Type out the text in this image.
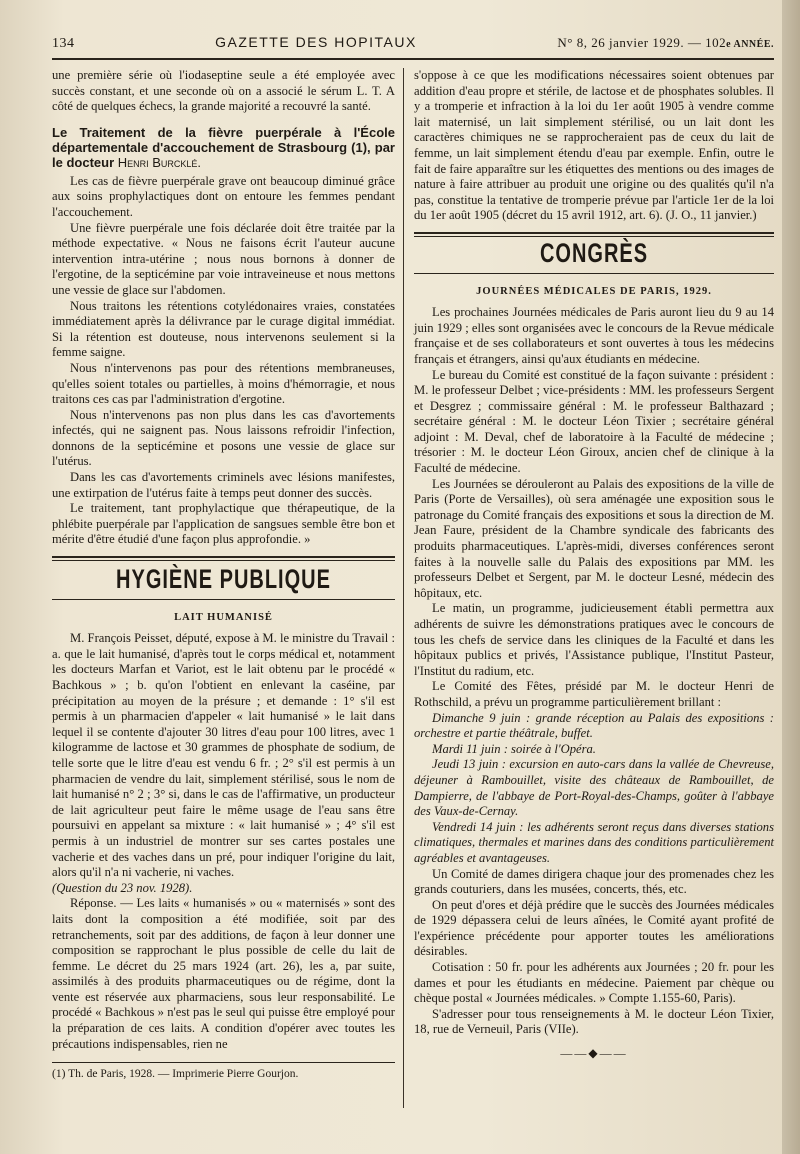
134	GAZETTE DES HOPITAUX	N° 8, 26 janvier 1929. — 102e ANNÉE.

une première série où l'iodaseptine seule a été employée avec succès constant, et une seconde où on a associé le sérum L. T. A côté de quelques échecs, la grande majorité a recouvré la santé.

Le Traitement de la fièvre puerpérale à l'École départementale d'accouchement de Strasbourg (1), par le docteur Henri Burcklé.

Les cas de fièvre puerpérale grave ont beaucoup diminué grâce aux soins prophylactiques dont on entoure les femmes pendant l'accouchement.

Une fièvre puerpérale une fois déclarée doit être traitée par la méthode expectative. « Nous ne faisons écrit l'auteur aucune intervention intra-utérine ; nous nous bornons à donner de l'ergotine, de la septicémine par voie intraveineuse et nous mettons une vessie de glace sur l'abdomen.

Nous traitons les rétentions cotylédonaires vraies, constatées immédiatement après la délivrance par le curage digital immédiat. Si la rétention est douteuse, nous intervenons seulement si la femme saigne.

Nous n'intervenons pas pour des rétentions membraneuses, qu'elles soient totales ou partielles, à moins d'hémorragie, et nous traitons ces cas par l'administration d'ergotine.

Nous n'intervenons pas non plus dans les cas d'avortements infectés, qui ne saignent pas. Nous laissons refroidir l'infection, donnons de la septicémine et posons une vessie de glace sur l'utérus.

Dans les cas d'avortements criminels avec lésions manifestes, une extirpation de l'utérus faite à temps peut donner des succès.

Le traitement, tant prophylactique que thérapeutique, de la phlébite puerpérale par l'application de sangsues semble être bon et mérite d'être étudié d'une façon plus approfondie. »

HYGIÈNE PUBLIQUE
LAIT HUMANISÉ

M. François Peisset, député, expose à M. le ministre du Travail : a. que le lait humanisé, d'après tout le corps médical et, notamment les docteurs Marfan et Variot, est le lait obtenu par le procédé « Bachkous » ; b. qu'on l'obtient en enlevant la caséine, par précipitation au moyen de la présure ; et demande : 1° s'il est permis à un pharmacien d'appeler « lait humanisé » le lait dans lequel il se contente d'ajouter 30 litres d'eau pour 100 litres, avec 1 kilogramme de lactose et 30 grammes de phosphate de sodium, de telle sorte que le litre d'eau est vendu 6 fr. ; 2° s'il est permis à un pharmacien de vendre du lait, simplement stérilisé, sous le nom de lait humanisé n° 2 ; 3° si, dans le cas de l'affirmative, un producteur de lait agriculteur peut faire le même usage de l'eau sans être poursuivi en appelant sa mixture : « lait humanisé » ; 4° s'il est permis à un industriel de montrer sur ses cartes postales une vacherie et des vaches dans un pré, pour indiquer l'origine du lait, alors qu'il n'a ni vacherie, ni vaches.

(Question du 23 nov. 1928).

Réponse. — Les laits « humanisés » ou « maternisés » sont des laits dont la composition a été modifiée, soit par des retranchements, soit par des additions, de façon à leur donner une composition se rapprochant le plus possible de celle du lait de femme. Le décret du 25 mars 1924 (art. 26), les a, par suite, assimilés à des produits pharmaceutiques ou de régime, dont la vente est réservée aux pharmaciens, sous leur responsabilité. Le procédé « Bachkous » n'est pas le seul qui puisse être employé pour la préparation de ces laits. A condition d'opérer avec toutes les précautions indispensables, rien ne

(1) Th. de Paris, 1928. — Imprimerie Pierre Gourjon.

s'oppose à ce que les modifications nécessaires soient obtenues par addition d'eau propre et stérile, de lactose et de phosphates solubles. Il y a tromperie et infraction à la loi du 1er août 1905 à vendre comme lait maternisé, un lait simplement stérilisé, ou un lait dont les caractères chimiques ne se rapprocheraient pas de ceux du lait de femme, un lait simplement étendu d'eau par exemple. Enfin, outre le fait de faire apparaître sur les étiquettes des mentions ou des images de nature à faire attribuer au produit une origine ou des qualités qu'il n'a pas, constitue la tentative de tromperie prévue par l'article 1er de la loi du 1er août 1905 (décret du 15 avril 1912, art. 6). (J. O., 11 janvier.)

CONGRÈS
JOURNÉES MÉDICALES DE PARIS, 1929.

Les prochaines Journées médicales de Paris auront lieu du 9 au 14 juin 1929 ; elles sont organisées avec le concours de la Revue médicale française et de ses collaborateurs et sont ouvertes à tous les médecins français et étrangers, ainsi qu'aux étudiants en médecine.

Le bureau du Comité est constitué de la façon suivante : président : M. le professeur Delbet ; vice-présidents : MM. les professeurs Sergent et Desgrez ; commissaire général : M. le professeur Balthazard ; secrétaire général : M. le docteur Léon Tixier ; secrétaire général adjoint : M. Deval, chef de laboratoire à la Faculté de médecine ; trésorier : M. le docteur Léon Giroux, ancien chef de clinique à la Faculté de médecine.

Les Journées se dérouleront au Palais des expositions de la ville de Paris (Porte de Versailles), où sera aménagée une exposition sous le patronage du Comité français des expositions et sous la direction de M. Jean Faure, président de la Chambre syndicale des fabricants des produits pharmaceutiques. L'après-midi, diverses conférences seront faites à la nouvelle salle du Palais des expositions par MM. les professeurs Delbet et Sergent, par M. le docteur Lesné, médecin des hôpitaux, etc.

Le matin, un programme, judicieusement établi permettra aux adhérents de suivre les démonstrations pratiques avec le concours de tous les chefs de service dans les cliniques de la Faculté et dans les hôpitaux publics et privés, l'Assistance publique, l'Institut Pasteur, l'Institut du radium, etc.

Le Comité des Fêtes, présidé par M. le docteur Henri de Rothschild, a prévu un programme particulièrement brillant :

Dimanche 9 juin : grande réception au Palais des expositions : orchestre et partie théâtrale, buffet.

Mardi 11 juin : soirée à l'Opéra.

Jeudi 13 juin : excursion en auto-cars dans la vallée de Chevreuse, déjeuner à Rambouillet, visite des châteaux de Rambouillet, de Dampierre, de l'abbaye de Port-Royal-des-Champs, goûter à l'abbaye des Vaux-de-Cernay.

Vendredi 14 juin : les adhérents seront reçus dans diverses stations climatiques, thermales et marines dans des conditions particulièrement agréables et avantageuses.

Un Comité de dames dirigera chaque jour des promenades chez les grands couturiers, dans les musées, concerts, thés, etc.

On peut d'ores et déjà prédire que le succès des Journées médicales de 1929 dépassera celui de leurs aînées, le Comité ayant profité de l'expérience précédente pour apporter toutes les améliorations désirables.

Cotisation : 50 fr. pour les adhérents aux Journées ; 20 fr. pour les dames et pour les étudiants en médecine. Paiement par chèque ou chèque postal « Journées médicales. » Compte 1.155-60, Paris).

S'adresser pour tous renseignements à M. le docteur Léon Tixier, 18, rue de Verneuil, Paris (VIIe).

——◆——
